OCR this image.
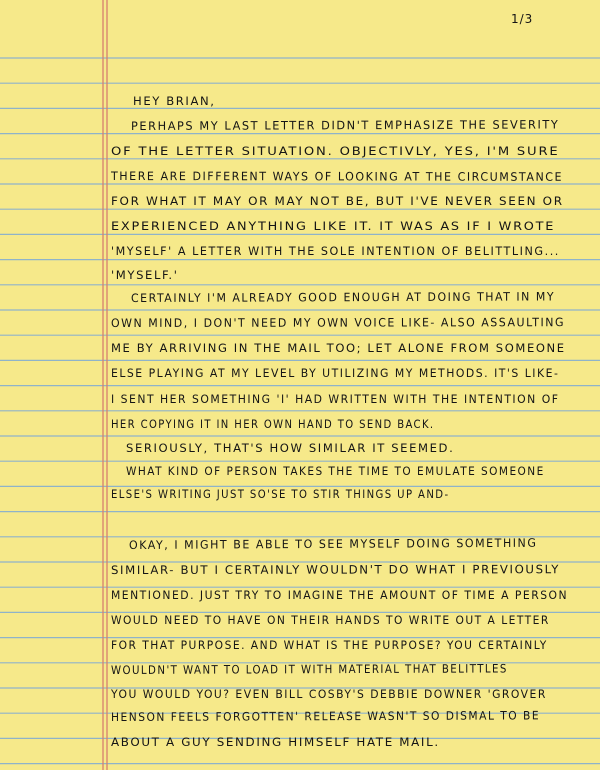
1/3
HEY BRIAN,
PERHAPS MY LAST LETTER DIDN'T EMPHASIZE THE SEVERITY
OF THE LETTER SITUATION. OBJECTIVLY, YES, I'M SURE
THERE ARE DIFFERENT WAYS OF LOOKING AT THE CIRCUMSTANCE
FOR WHAT IT MAY OR MAY NOT BE, BUT I'VE NEVER SEEN OR
EXPERIENCED ANYTHING LIKE IT. IT WAS AS IF I WROTE
'MYSELF' A LETTER WITH THE SOLE INTENTION OF BELITTLING...
'MYSELF.'
CERTAINLY I'M ALREADY GOOD ENOUGH AT DOING THAT IN MY
OWN MIND, I DON'T NEED MY OWN VOICE LIKE- ALSO ASSAULTING
ME BY ARRIVING IN THE MAIL TOO; LET ALONE FROM SOMEONE
ELSE PLAYING AT MY LEVEL BY UTILIZING MY METHODS. IT'S LIKE-
I SENT HER SOMETHING 'I' HAD WRITTEN WITH THE INTENTION OF
HER COPYING IT IN HER OWN HAND TO SEND BACK.
SERIOUSLY, THAT'S HOW SIMILAR IT SEEMED.
WHAT KIND OF PERSON TAKES THE TIME TO EMULATE SOMEONE
ELSE'S WRITING JUST SO'SE TO STIR THINGS UP AND-
OKAY, I MIGHT BE ABLE TO SEE MYSELF DOING SOMETHING
SIMILAR- BUT I CERTAINLY WOULDN'T DO WHAT I PREVIOUSLY
MENTIONED. JUST TRY TO IMAGINE THE AMOUNT OF TIME A PERSON
WOULD NEED TO HAVE ON THEIR HANDS TO WRITE OUT A LETTER
FOR THAT PURPOSE. AND WHAT IS THE PURPOSE? YOU CERTAINLY
WOULDN'T WANT TO LOAD IT WITH MATERIAL THAT BELITTLES
YOU WOULD YOU? EVEN BILL COSBY'S DEBBIE DOWNER 'GROVER
HENSON FEELS FORGOTTEN' RELEASE WASN'T SO DISMAL TO BE
ABOUT A GUY SENDING HIMSELF HATE MAIL.
